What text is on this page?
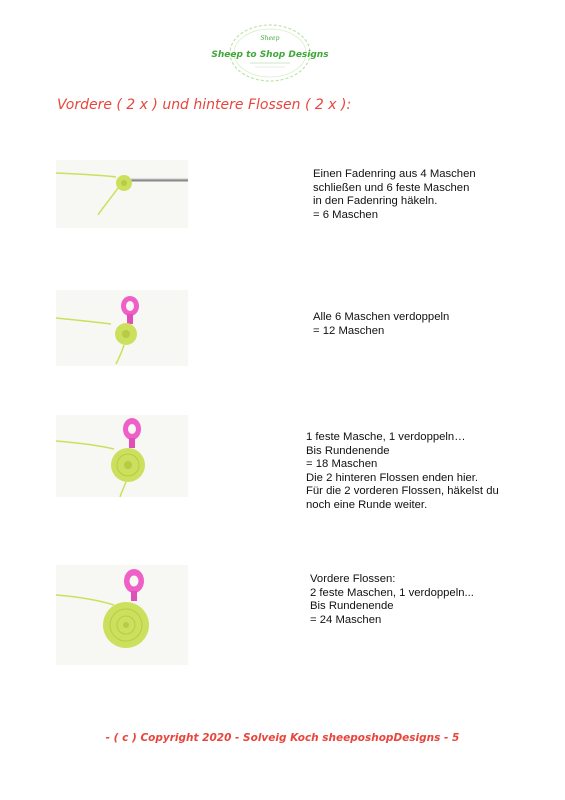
Sheep
Sheep to Shop Designs
Vordere ( 2 x ) und hintere Flossen ( 2 x ):
Einen Fadenring aus 4 Maschen
schließen und 6 feste Maschen
in den Fadenring häkeln.
= 6 Maschen
Alle 6 Maschen verdoppeln
= 12 Maschen
1 feste Masche, 1 verdoppeln…
Bis Rundenende
= 18 Maschen
Die 2 hinteren Flossen enden hier.
Für die 2 vorderen Flossen, häkelst du
noch eine Runde weiter.
Vordere Flossen:
2 feste Maschen, 1 verdoppeln...
Bis Rundenende
= 24 Maschen
- ( c ) Copyright 2020 - Solveig Koch sheeposhopDesigns - 5
